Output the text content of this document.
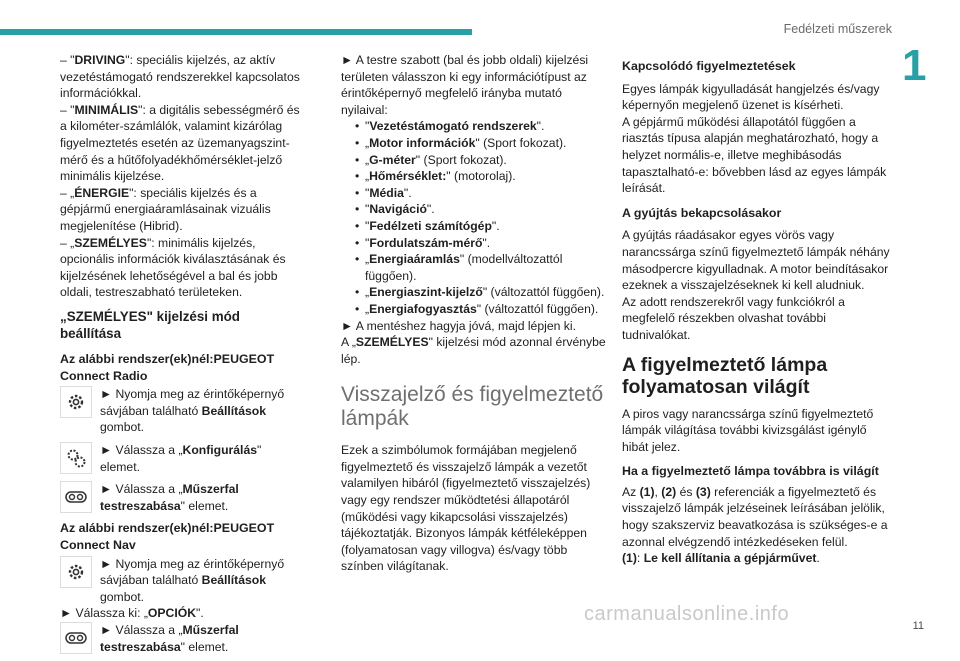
Fedélzeti műszerek
1

– "DRIVING": speciális kijelzés, az aktív vezetéstámogató rendszerekkel kapcsolatos információkkal.

– "MINIMÁLIS": a digitális sebességmérő és a kilométer-számlálók, valamint kizárólag figyelmeztetés esetén az üzemanyagszint-mérő és a hűtőfolyadékhőmérséklet-jelző minimális kijelzése.

– „ÉNERGIE": speciális kijelzés és a gépjármű energiaáramlásainak vizuális megjelenítése (Hibrid).

– „SZEMÉLYES": minimális kijelzés, opcionális információk kiválasztásának és kijelzésének lehetőségével a bal és jobb oldali, testreszabható területeken.

„SZEMÉLYES" kijelzési mód beállítása
Az alábbi rendszer(ek)nél:PEUGEOT Connect Radio
► Nyomja meg az érintőképernyő sávjában található Beállítások gombot.
► Válassza a „Konfigurálás" elemet.
► Válassza a „Műszerfal testreszabása" elemet.
Az alábbi rendszer(ek)nél:PEUGEOT Connect Nav
► Nyomja meg az érintőképernyő sávjában található Beállítások gombot.

► Válassza ki: „OPCIÓK".

► Válassza a „Műszerfal testreszabása" elemet.

► A testre szabott (bal és jobb oldali) kijelzési területen válasszon ki egy információtípust az érintőképernyő megfelelő irányba mutató nyilaival:

• "Vezetéstámogató rendszerek".
• „Motor információk" (Sport fokozat).
• „G-méter" (Sport fokozat).
• „Hőmérséklet:" (motorolaj).
• "Média".
• "Navigáció".
• "Fedélzeti számítógép".
• "Fordulatszám-mérő".
• „Energiaáramlás" (modellváltozattól függően).
• „Energiaszint-kijelző" (változattól függően).
• „Energiafogyasztás" (változattól függően).

► A mentéshez hagyja jóvá, majd lépjen ki.

A „SZEMÉLYES" kijelzési mód azonnal érvénybe lép.

Visszajelző és figyelmeztető lámpák

Ezek a szimbólumok formájában megjelenő figyelmeztető és visszajelző lámpák a vezetőt valamilyen hibáról (figyelmeztető visszajelzés) vagy egy rendszer működtetési állapotáról (működési vagy kikapcsolási visszajelzés) tájékoztatják. Bizonyos lámpák kétféleképpen (folyamatosan vagy villogva) és/vagy több színben világítanak.

Kapcsolódó figyelmeztetések

Egyes lámpák kigyulladását hangjelzés és/vagy képernyőn megjelenő üzenet is kísérheti.
A gépjármű működési állapotától függően a riasztás típusa alapján meghatározható, hogy a helyzet normális-e, illetve meghibásodás tapasztalható-e: bővebben lásd az egyes lámpák leírását.

A gyújtás bekapcsolásakor

A gyújtás ráadásakor egyes vörös vagy narancssárga színű figyelmeztető lámpák néhány másodpercre kigyulladnak. A motor beindításakor ezeknek a visszajelzéseknek ki kell aludniuk.
Az adott rendszerekről vagy funkciókról a megfelelő részekben olvashat további tudnivalókat.

A figyelmeztető lámpa folyamatosan világít

A piros vagy narancssárga színű figyelmeztető lámpák világítása további kivizsgálást igénylő hibát jelez.

Ha a figyelmeztető lámpa továbbra is világít

Az (1), (2) és (3) referenciák a figyelmeztető és visszajelző lámpák jelzéseinek leírásában jelölik, hogy szakszerviz beavatkozása is szükséges-e a azonnal elvégzendő intézkedéseken felül.

(1): Le kell állítania a gépjárművet.

carmanualsonline.info
11
